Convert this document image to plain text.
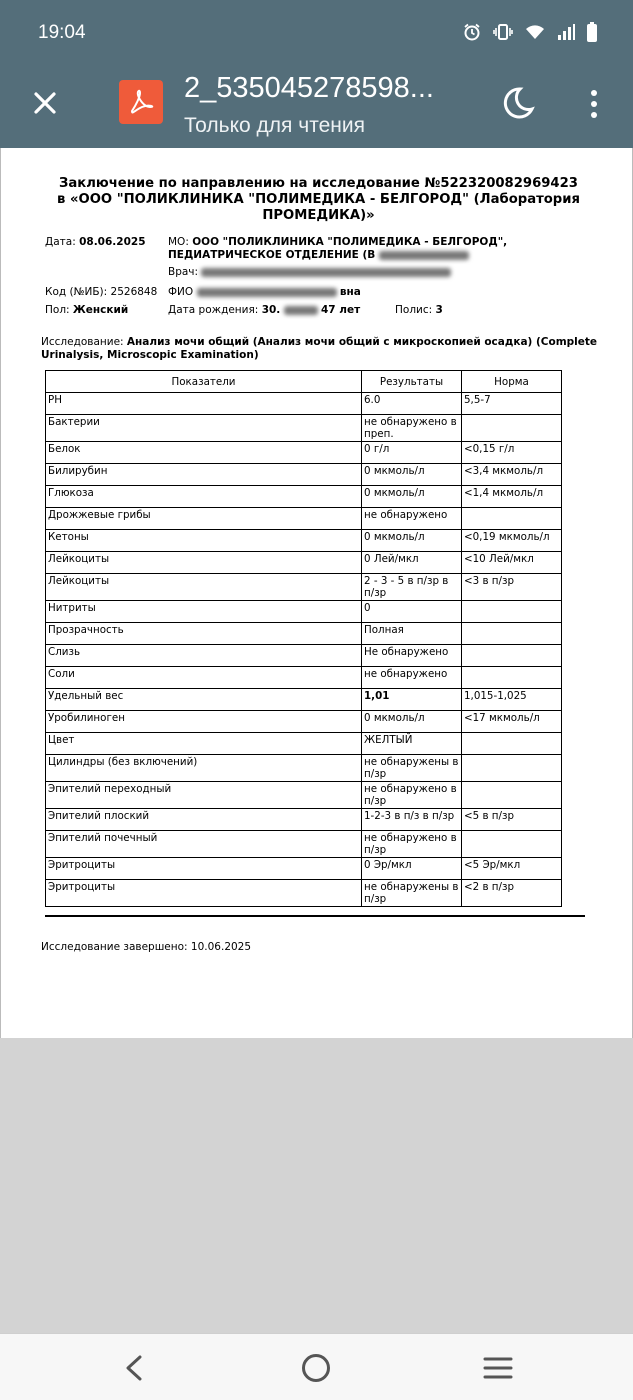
19:04
2_535045278598...
Только для чтения
Заключение по направлению на исследование №522320082969423
в «ООО "ПОЛИКЛИНИКА "ПОЛИМЕДИКА - БЕЛГОРОД" (Лаборатория
ПРОМЕДИКА)»
Дата: 08.06.2025 МО: ООО "ПОЛИКЛИНИКА "ПОЛИМЕДИКА - БЕЛГОРОД",
ПЕДИАТРИЧЕСКОЕ ОТДЕЛЕНИЕ (В
Врач:
Код (№ИБ): 2526848 ФИО	вна
Пол: Женский	Дата рождения: 30.	47 лет	Полис: 3
Исследование: Анализ мочи общий (Анализ мочи общий с микроскопией осадка) (Complete Urinalysis, Microscopic Examination)
Показатели	Результаты	Норма
PH	6.0	5,5-7
Бактерии	не обнаружено в преп.	
Белок	0 г/л	<0,15 г/л
Билирубин	0 мкмоль/л	<3,4 мкмоль/л
Глюкоза	0 мкмоль/л	<1,4 мкмоль/л
Дрожжевые грибы	не обнаружено	
Кетоны	0 мкмоль/л	<0,19 мкмоль/л
Лейкоциты	0 Лей/мкл	<10 Лей/мкл
Лейкоциты	2 - 3 - 5 в п/зр в п/зр	<3 в п/зр
Нитриты	0	
Прозрачность	Полная	
Слизь	Не обнаружено	
Соли	не обнаружено	
Удельный вес	1,01	1,015-1,025
Уробилиноген	0 мкмоль/л	<17 мкмоль/л
Цвет	ЖЕЛТЫЙ	
Цилиндры (без включений)	не обнаружены в п/зр	
Эпителий переходный	не обнаружено в п/зр	
Эпителий плоский	1-2-3 в п/з в п/зр	<5 в п/зр
Эпителий почечный	не обнаружено в п/зр	
Эритроциты	0 Эр/мкл	<5 Эр/мкл
Эритроциты	не обнаружены в п/зр	<2 в п/зр
Исследование завершено: 10.06.2025
